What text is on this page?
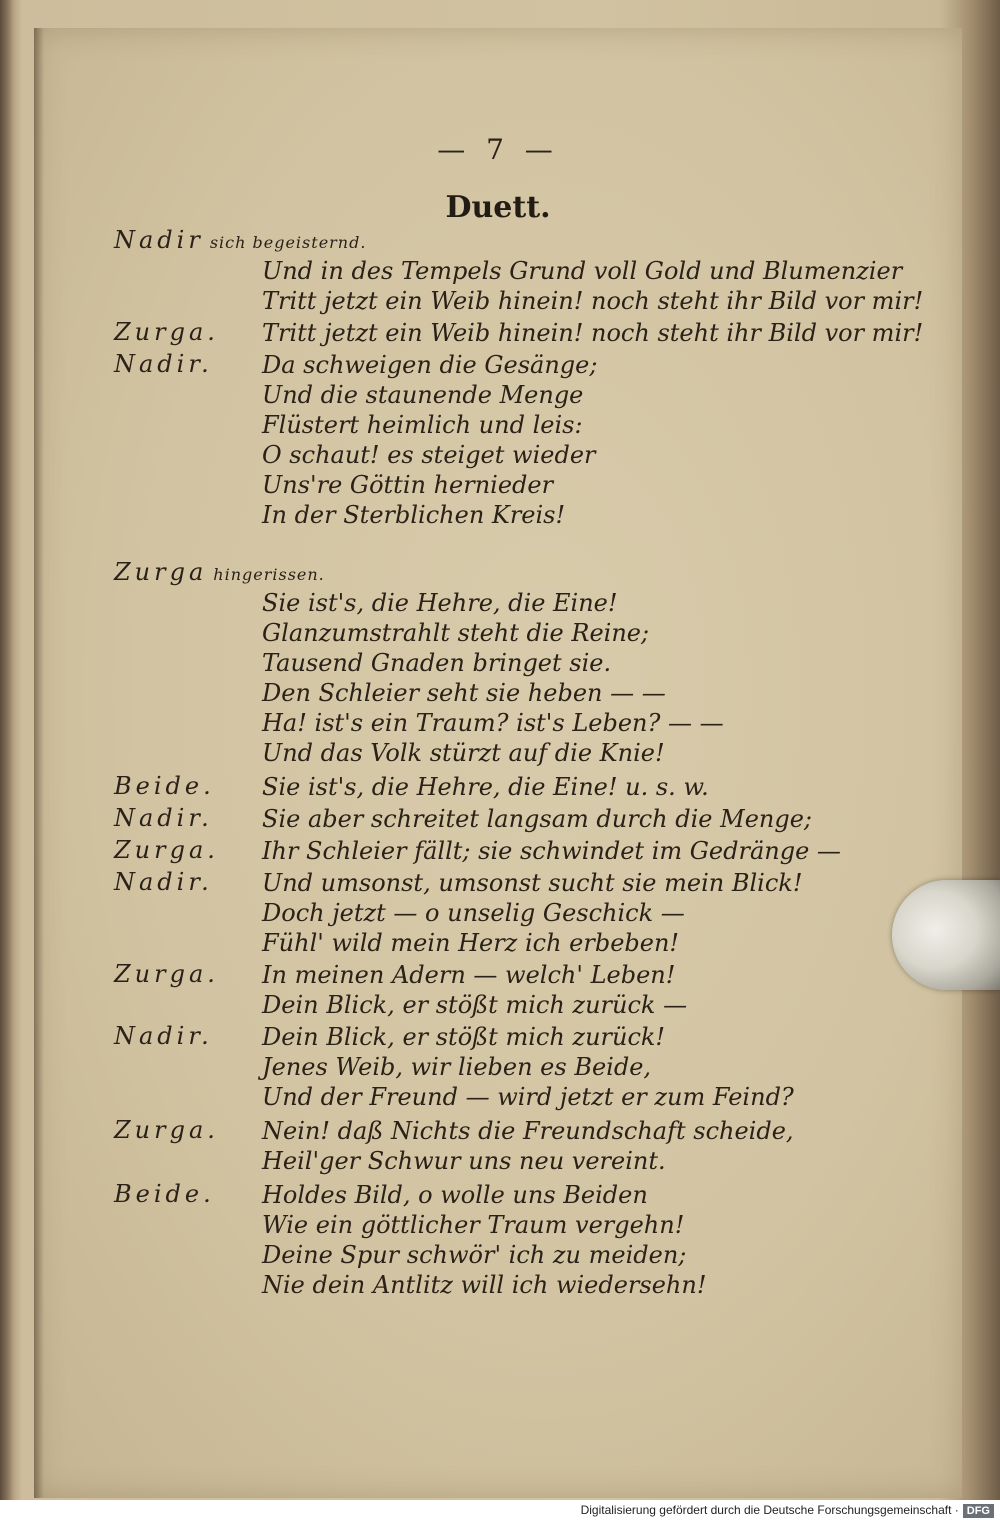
— 7 —
Duett.
Nadir sich begeisternd.
Und in des Tempels Grund voll Gold und Blumenzier
Tritt jetzt ein Weib hinein! noch steht ihr Bild vor mir!
Zurga. Tritt jetzt ein Weib hinein! noch steht ihr Bild vor mir!
Nadir. Da schweigen die Gesänge;
Und die staunende Menge
Flüstert heimlich und leis:
O schaut! es steiget wieder
Uns're Göttin hernieder
In der Sterblichen Kreis!
Zurga hingerissen.
Sie ist's, die Hehre, die Eine!
Glanzumstrahlt steht die Reine;
Tausend Gnaden bringet sie.
Den Schleier seht sie heben — —
Ha! ist's ein Traum? ist's Leben? — —
Und das Volk stürzt auf die Knie!
Beide. Sie ist's, die Hehre, die Eine! u. s. w.
Nadir. Sie aber schreitet langsam durch die Menge;
Zurga. Ihr Schleier fällt; sie schwindet im Gedränge —
Nadir. Und umsonst, umsonst sucht sie mein Blick!
Doch jetzt — o unselig Geschick —
Fühl' wild mein Herz ich erbeben!
Zurga. In meinen Adern — welch' Leben!
Dein Blick, er stößt mich zurück —
Nadir. Dein Blick, er stößt mich zurück!
Jenes Weib, wir lieben es Beide,
Und der Freund — wird jetzt er zum Feind?
Zurga. Nein! daß Nichts die Freundschaft scheide,
Heil'ger Schwur uns neu vereint.
Beide. Holdes Bild, o wolle uns Beiden
Wie ein göttlicher Traum vergehn!
Deine Spur schwör' ich zu meiden;
Nie dein Antlitz will ich wiedersehn!
Digitalisierung gefördert durch die Deutsche Forschungsgemeinschaft · DFG
